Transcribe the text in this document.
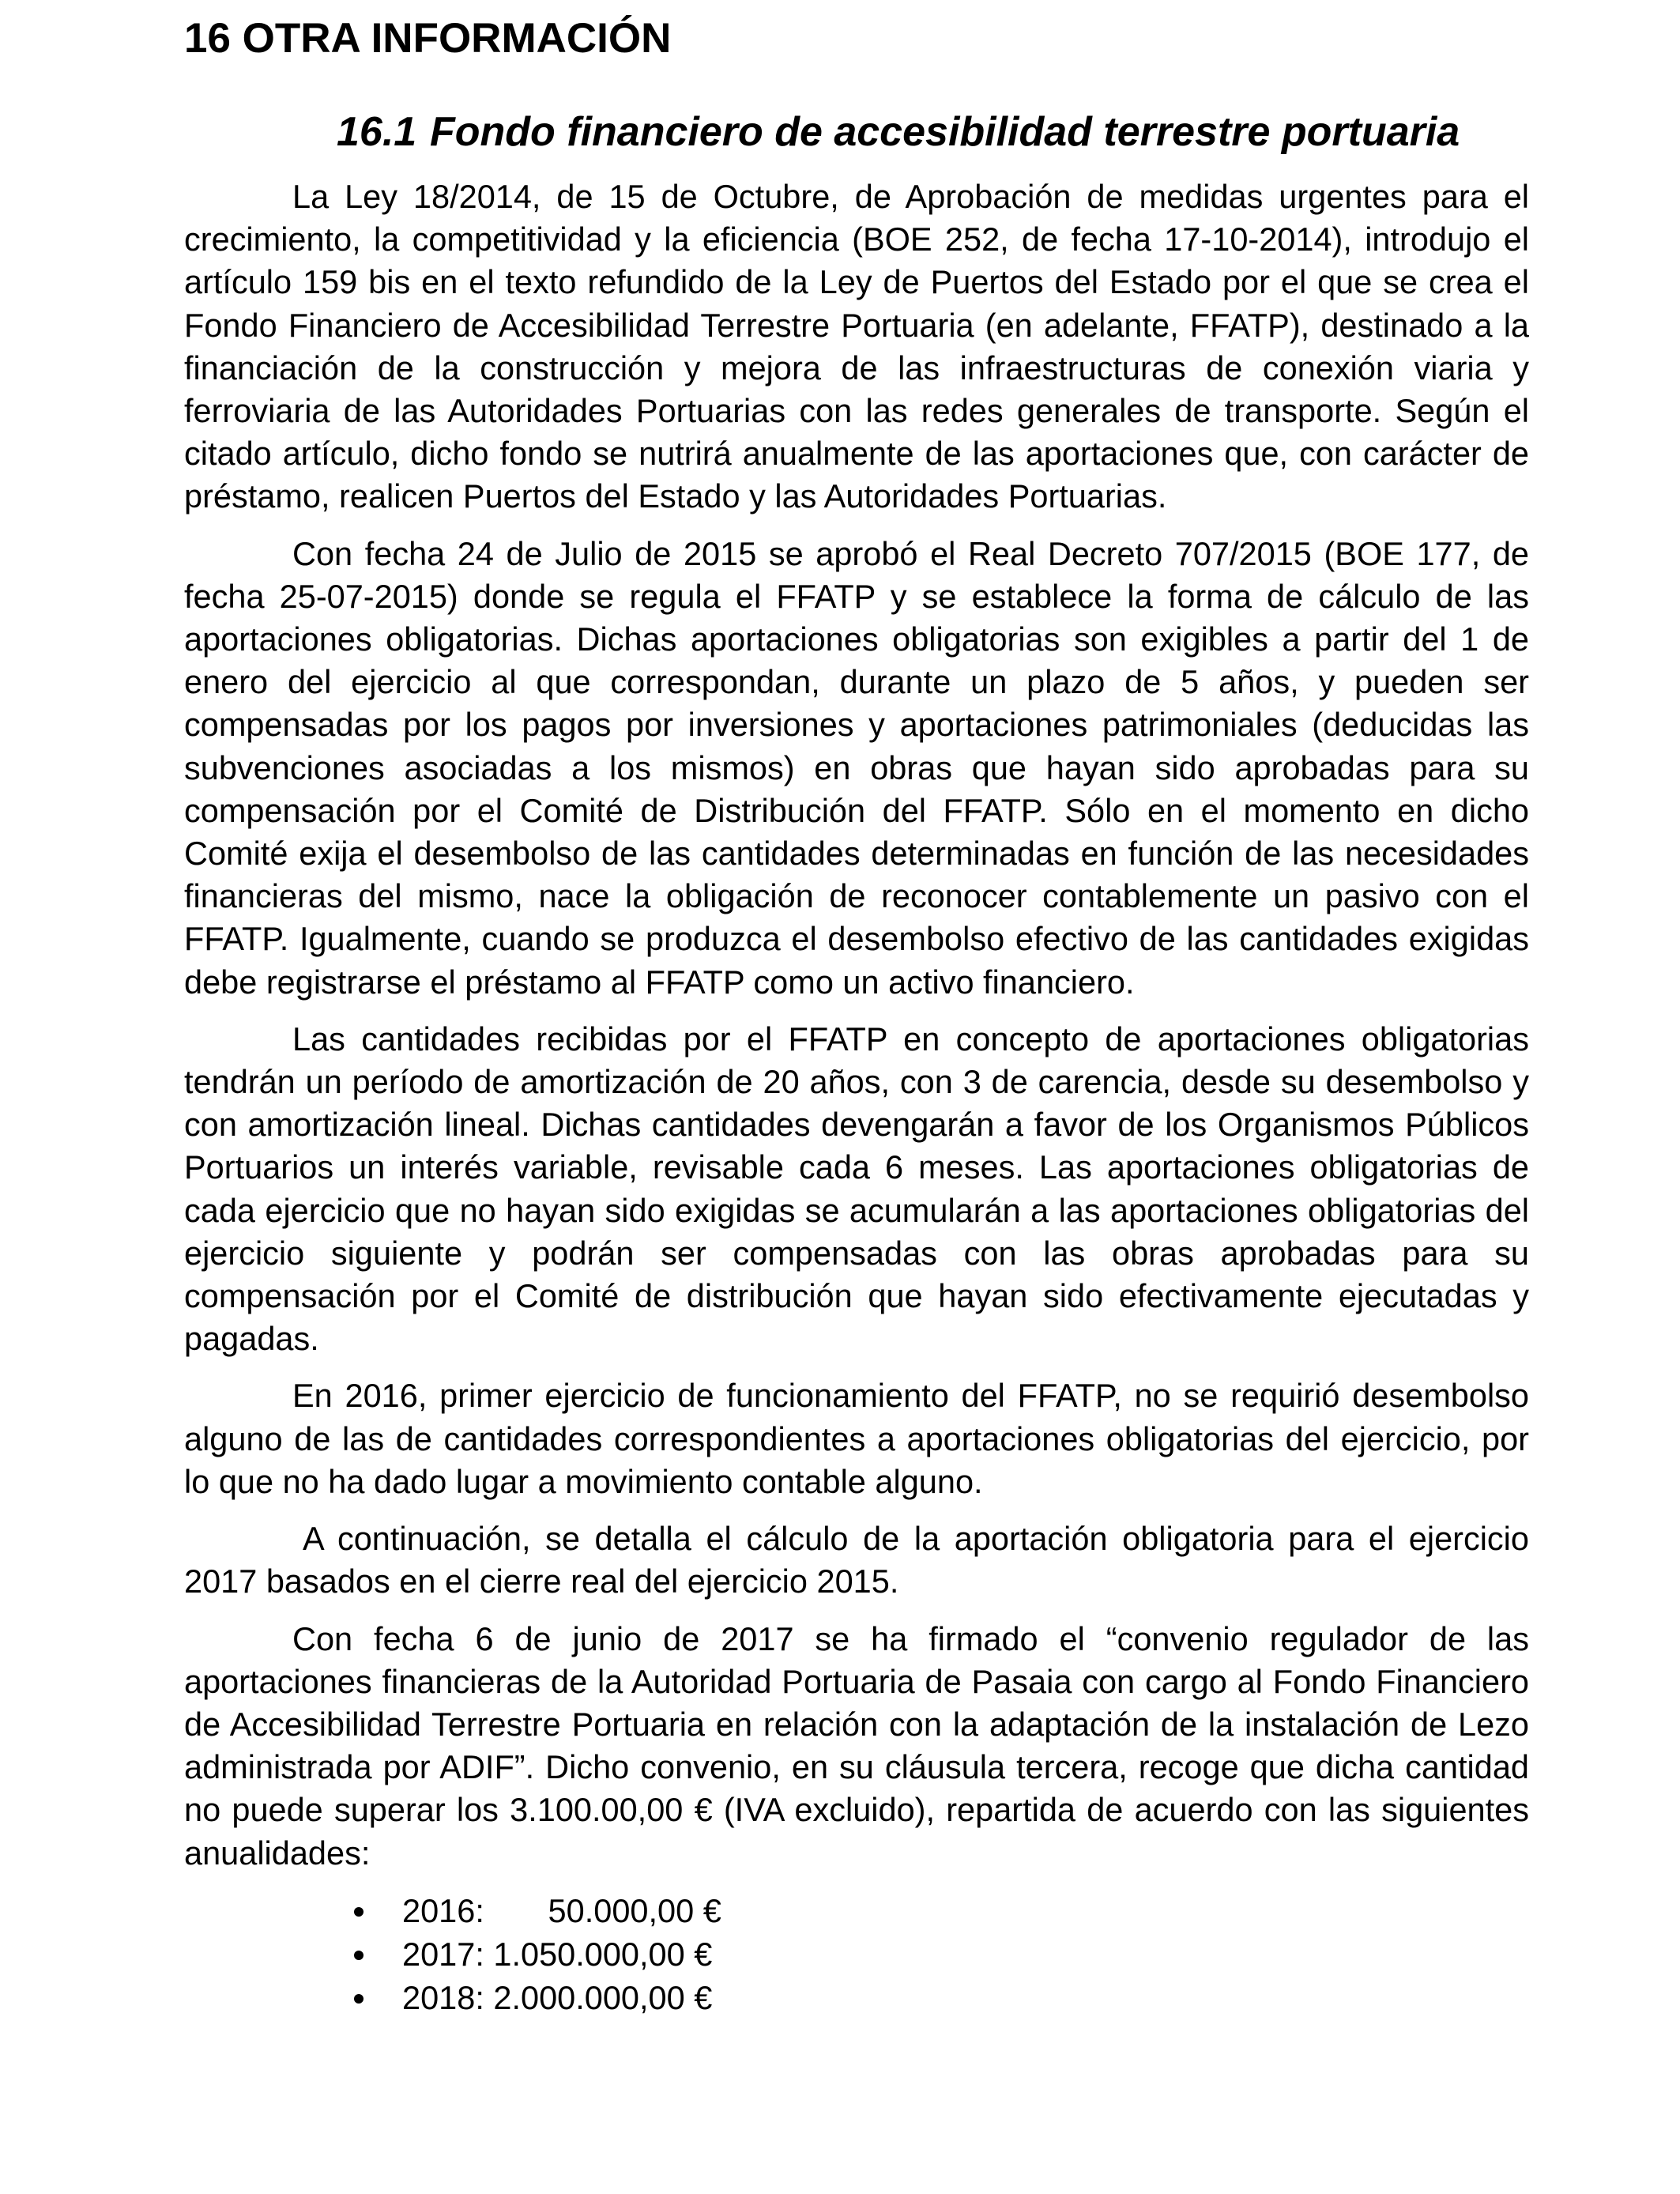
16 OTRA INFORMACIÓN
16.1 Fondo financiero de accesibilidad terrestre portuaria

La Ley 18/2014, de 15 de Octubre, de Aprobación de medidas urgentes para el crecimiento, la competitividad y la eficiencia (BOE 252, de fecha 17-10-2014), introdujo el artículo 159 bis en el texto refundido de la Ley de Puertos del Estado por el que se crea el Fondo Financiero de Accesibilidad Terrestre Portuaria (en adelante, FFATP), destinado a la financiación de la construcción y mejora de las infraestructuras de conexión viaria y ferroviaria de las Autoridades Portuarias con las redes generales de transporte. Según el citado artículo, dicho fondo se nutrirá anualmente de las aportaciones que, con carácter de préstamo, realicen Puertos del Estado y las Autoridades Portuarias.

Con fecha 24 de Julio de 2015 se aprobó el Real Decreto 707/2015 (BOE 177, de fecha 25-07-2015) donde se regula el FFATP y se establece la forma de cálculo de las aportaciones obligatorias. Dichas aportaciones obligatorias son exigibles a partir del 1 de enero del ejercicio al que correspondan, durante un plazo de 5 años, y pueden ser compensadas por los pagos por inversiones y aportaciones patrimoniales (deducidas las subvenciones asociadas a los mismos) en obras que hayan sido aprobadas para su compensación por el Comité de Distribución del FFATP. Sólo en el momento en dicho Comité exija el desembolso de las cantidades determinadas en función de las necesidades financieras del mismo, nace la obligación de reconocer contablemente un pasivo con el FFATP. Igualmente, cuando se produzca el desembolso efectivo de las cantidades exigidas debe registrarse el préstamo al FFATP como un activo financiero.

Las cantidades recibidas por el FFATP en concepto de aportaciones obligatorias tendrán un período de amortización de 20 años, con 3 de carencia, desde su desembolso y con amortización lineal. Dichas cantidades devengarán a favor de los Organismos Públicos Portuarios un interés variable, revisable cada 6 meses. Las aportaciones obligatorias de cada ejercicio que no hayan sido exigidas se acumularán a las aportaciones obligatorias del ejercicio siguiente y podrán ser compensadas con las obras aprobadas para su compensación por el Comité de distribución que hayan sido efectivamente ejecutadas y pagadas.

En 2016, primer ejercicio de funcionamiento del FFATP, no se requirió desembolso alguno de las de cantidades correspondientes a aportaciones obligatorias del ejercicio, por lo que no ha dado lugar a movimiento contable alguno.

A continuación, se detalla el cálculo de la aportación obligatoria para el ejercicio 2017 basados en el cierre real del ejercicio 2015.

Con fecha 6 de junio de 2017 se ha firmado el “convenio regulador de las aportaciones financieras de la Autoridad Portuaria de Pasaia con cargo al Fondo Financiero de Accesibilidad Terrestre Portuaria en relación con la adaptación de la instalación de Lezo administrada por ADIF”. Dicho convenio, en su cláusula tercera, recoge que dicha cantidad no puede superar los 3.100.00,00 € (IVA excluido), repartida de acuerdo con las siguientes anualidades:

2016:       50.000,00 €
2017: 1.050.000,00 €
2018: 2.000.000,00 €
